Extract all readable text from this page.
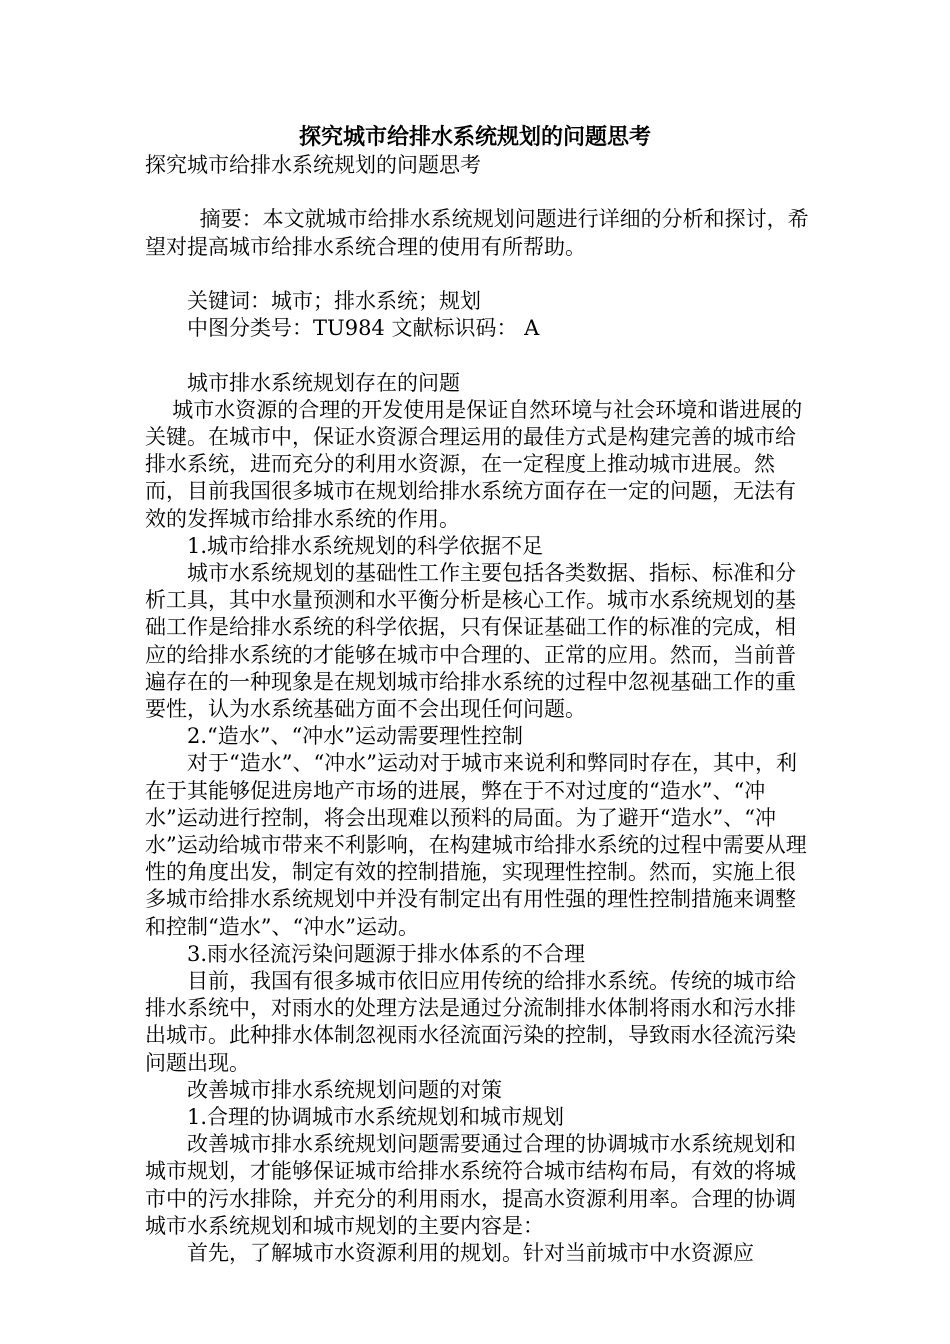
探究城市给排水系统规划的问题思考

探究城市给排水系统规划的问题思考

摘要：本文就城市给排水系统规划问题进行详细的分析和探讨，希望对提高城市给排水系统合理的使用有所帮助。

关键词：城市；排水系统；规划

中图分类号：TU984 文献标识码： A

城市排水系统规划存在的问题

城市水资源的合理的开发使用是保证自然环境与社会环境和谐进展的关键。在城市中，保证水资源合理运用的最佳方式是构建完善的城市给排水系统，进而充分的利用水资源，在一定程度上推动城市进展。然而，目前我国很多城市在规划给排水系统方面存在一定的问题，无法有效的发挥城市给排水系统的作用。

1.城市给排水系统规划的科学依据不足

城市水系统规划的基础性工作主要包括各类数据、指标、标准和分析工具，其中水量预测和水平衡分析是核心工作。城市水系统规划的基础工作是给排水系统的科学依据，只有保证基础工作的标准的完成，相应的给排水系统的才能够在城市中合理的、正常的应用。然而，当前普遍存在的一种现象是在规划城市给排水系统的过程中忽视基础工作的重要性，认为水系统基础方面不会出现任何问题。

2.“造水”、“冲水”运动需要理性控制

对于“造水”、“冲水”运动对于城市来说利和弊同时存在，其中，利在于其能够促进房地产市场的进展，弊在于不对过度的“造水”、“冲水”运动进行控制，将会出现难以预料的局面。为了避开“造水”、“冲水”运动给城市带来不利影响，在构建城市给排水系统的过程中需要从理性的角度出发，制定有效的控制措施，实现理性控制。然而，实施上很多城市给排水系统规划中并没有制定出有用性强的理性控制措施来调整和控制“造水”、“冲水”运动。

3.雨水径流污染问题源于排水体系的不合理

目前，我国有很多城市依旧应用传统的给排水系统。传统的城市给排水系统中，对雨水的处理方法是通过分流制排水体制将雨水和污水排出城市。此种排水体制忽视雨水径流面污染的控制，导致雨水径流污染问题出现。

改善城市排水系统规划问题的对策

1.合理的协调城市水系统规划和城市规划

改善城市排水系统规划问题需要通过合理的协调城市水系统规划和城市规划，才能够保证城市给排水系统符合城市结构布局，有效的将城市中的污水排除，并充分的利用雨水，提高水资源利用率。合理的协调城市水系统规划和城市规划的主要内容是：

首先，了解城市水资源利用的规划。针对当前城市中水资源应
